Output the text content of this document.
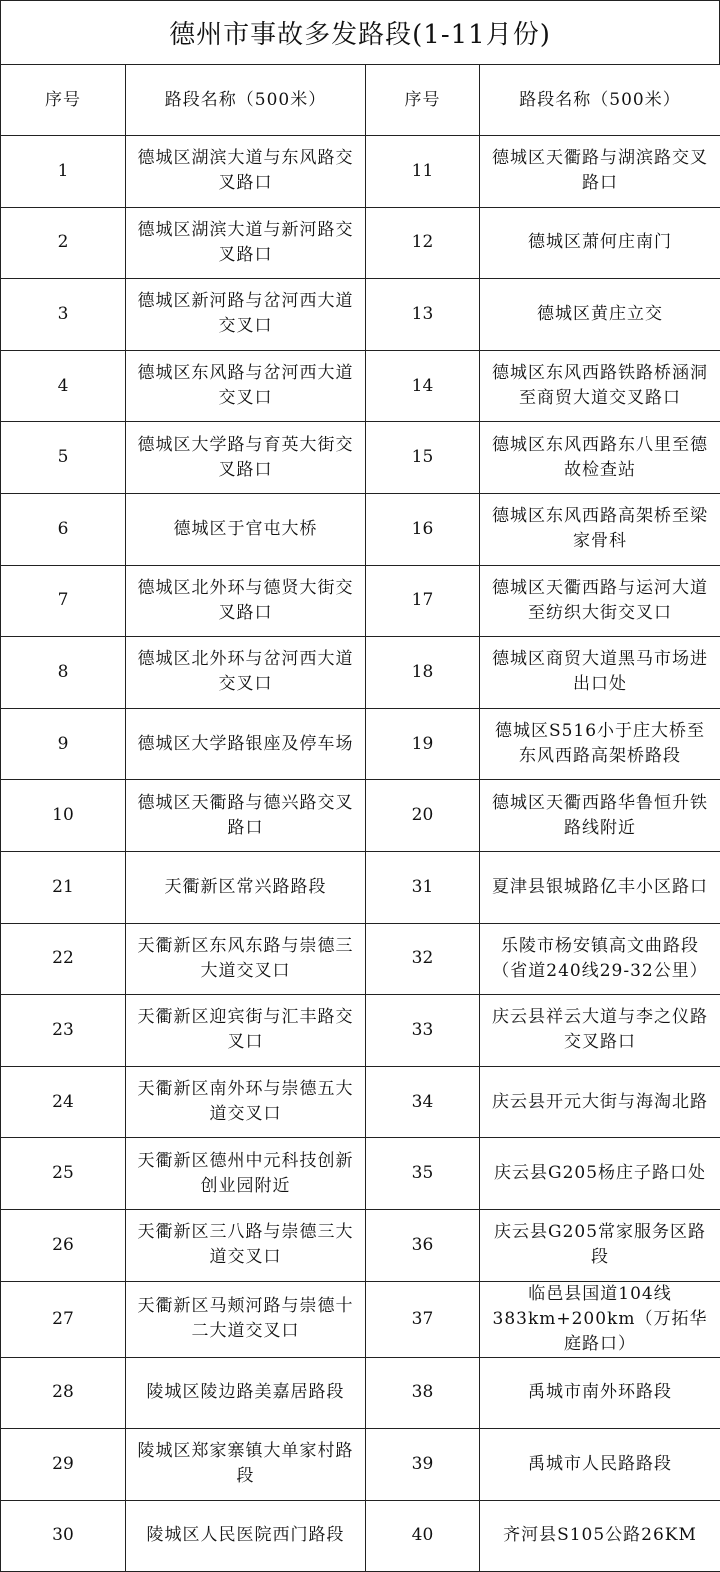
德州市事故多发路段(1-11月份)
序号	路段名称（500米）	序号	路段名称（500米）
1	德城区湖滨大道与东风路交叉路口	11	德城区天衢路与湖滨路交叉路口
2	德城区湖滨大道与新河路交叉路口	12	德城区萧何庄南门
3	德城区新河路与岔河西大道交叉口	13	德城区黄庄立交
4	德城区东风路与岔河西大道交叉口	14	德城区东风西路铁路桥涵洞至商贸大道交叉路口
5	德城区大学路与育英大街交叉路口	15	德城区东风西路东八里至德故检查站
6	德城区于官屯大桥	16	德城区东风西路高架桥至梁家骨科
7	德城区北外环与德贤大街交叉路口	17	德城区天衢西路与运河大道至纺织大街交叉口
8	德城区北外环与岔河西大道交叉口	18	德城区商贸大道黑马市场进出口处
9	德城区大学路银座及停车场	19	德城区S516小于庄大桥至东风西路高架桥路段
10	德城区天衢路与德兴路交叉路口	20	德城区天衢西路华鲁恒升铁路线附近
21	天衢新区常兴路路段	31	夏津县银城路亿丰小区路口
22	天衢新区东风东路与崇德三大道交叉口	32	乐陵市杨安镇高文曲路段（省道240线29-32公里）
23	天衢新区迎宾街与汇丰路交叉口	33	庆云县祥云大道与李之仪路交叉路口
24	天衢新区南外环与崇德五大道交叉口	34	庆云县开元大街与海淘北路
25	天衢新区德州中元科技创新创业园附近	35	庆云县G205杨庄子路口处
26	天衢新区三八路与崇德三大道交叉口	36	庆云县G205常家服务区路段
27	天衢新区马颊河路与崇德十二大道交叉口	37	临邑县国道104线383km+200km（万拓华庭路口）
28	陵城区陵边路美嘉居路段	38	禹城市南外环路段
29	陵城区郑家寨镇大单家村路段	39	禹城市人民路路段
30	陵城区人民医院西门路段	40	齐河县S105公路26KM
